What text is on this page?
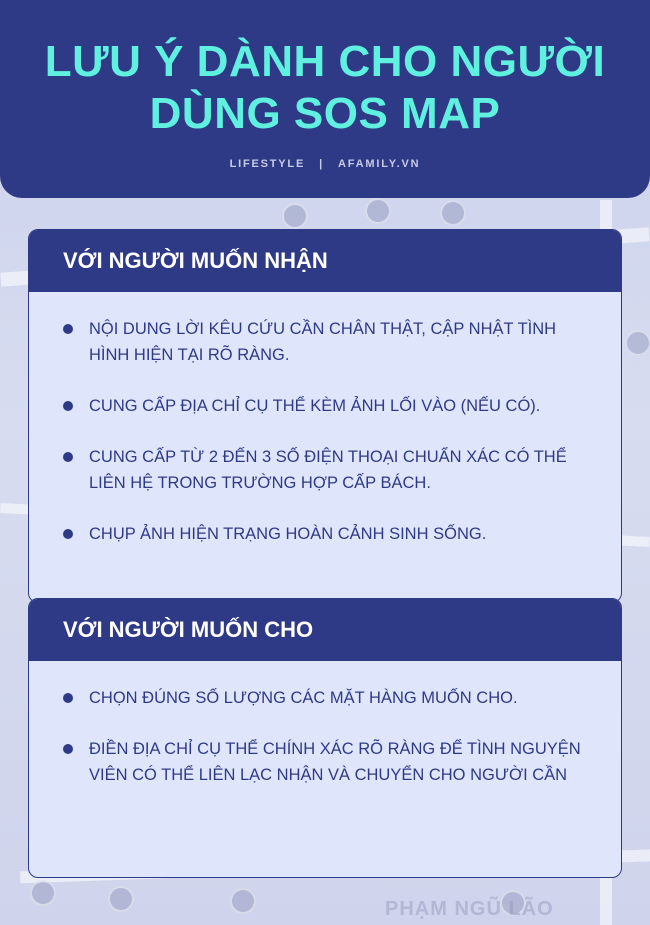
PHẠM NGŨ LÃO
LƯU Ý DÀNH CHO NGƯỜI
DÙNG SOS MAP
LIFESTYLE | AFAMILY.VN
VỚI NGƯỜI MUỐN NHẬN
NỘI DUNG LỜI KÊU CỨU CẦN CHÂN THẬT, CẬP NHẬT TÌNH HÌNH HIỆN TẠI RÕ RÀNG.
CUNG CẤP ĐỊA CHỈ CỤ THỂ KÈM ẢNH LỐI VÀO (NẾU CÓ).
CUNG CẤP TỪ 2 ĐẾN 3 SỐ ĐIỆN THOẠI CHUẨN XÁC CÓ THỂ LIÊN HỆ TRONG TRƯỜNG HỢP CẤP BÁCH.
CHỤP ẢNH HIỆN TRẠNG HOÀN CẢNH SINH SỐNG.
VỚI NGƯỜI MUỐN CHO
CHỌN ĐÚNG SỐ LƯỢNG CÁC MẶT HÀNG MUỐN CHO.
ĐIỀN ĐỊA CHỈ CỤ THỂ CHÍNH XÁC RÕ RÀNG ĐỂ TÌNH NGUYỆN VIÊN CÓ THỂ LIÊN LẠC NHẬN VÀ CHUYỂN CHO NGƯỜI CẦN
